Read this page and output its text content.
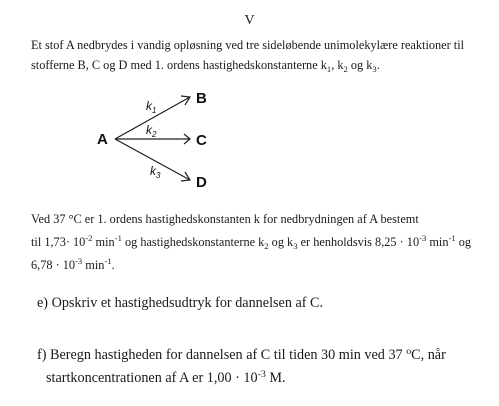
V
Et stof A nedbrydes i vandig opløsning ved tre sideløbende unimolekylære reaktioner til
stofferne B, C og D med 1. ordens hastighedskonstanterne $k_1$, $k_2$ og $k_3$.
A
B
$k_1$
C
$k_2$
D
$k_3$
Ved 37 °C er 1. ordens hastighedskonstanten k for nedbrydningen af A bestemt
til $1,73\cdot 10^{-2}$ $\min^{-1}$ og hastighedskonstanterne $k_2$ og $k_3$ er henholdsvis $8,25 \cdot 10^{-3}$ $\min^{-1}$ og
$6,78 \cdot 10^{-3}$ $\min^{-1}$.
e) Opskriv et hastighedsudtryk for dannelsen af C.
f) Beregn hastigheden for dannelsen af C til tiden 30 min ved 37 $^o$C, når
startkoncentrationen af A er $1,00 \cdot 10^{-3}$ M.
